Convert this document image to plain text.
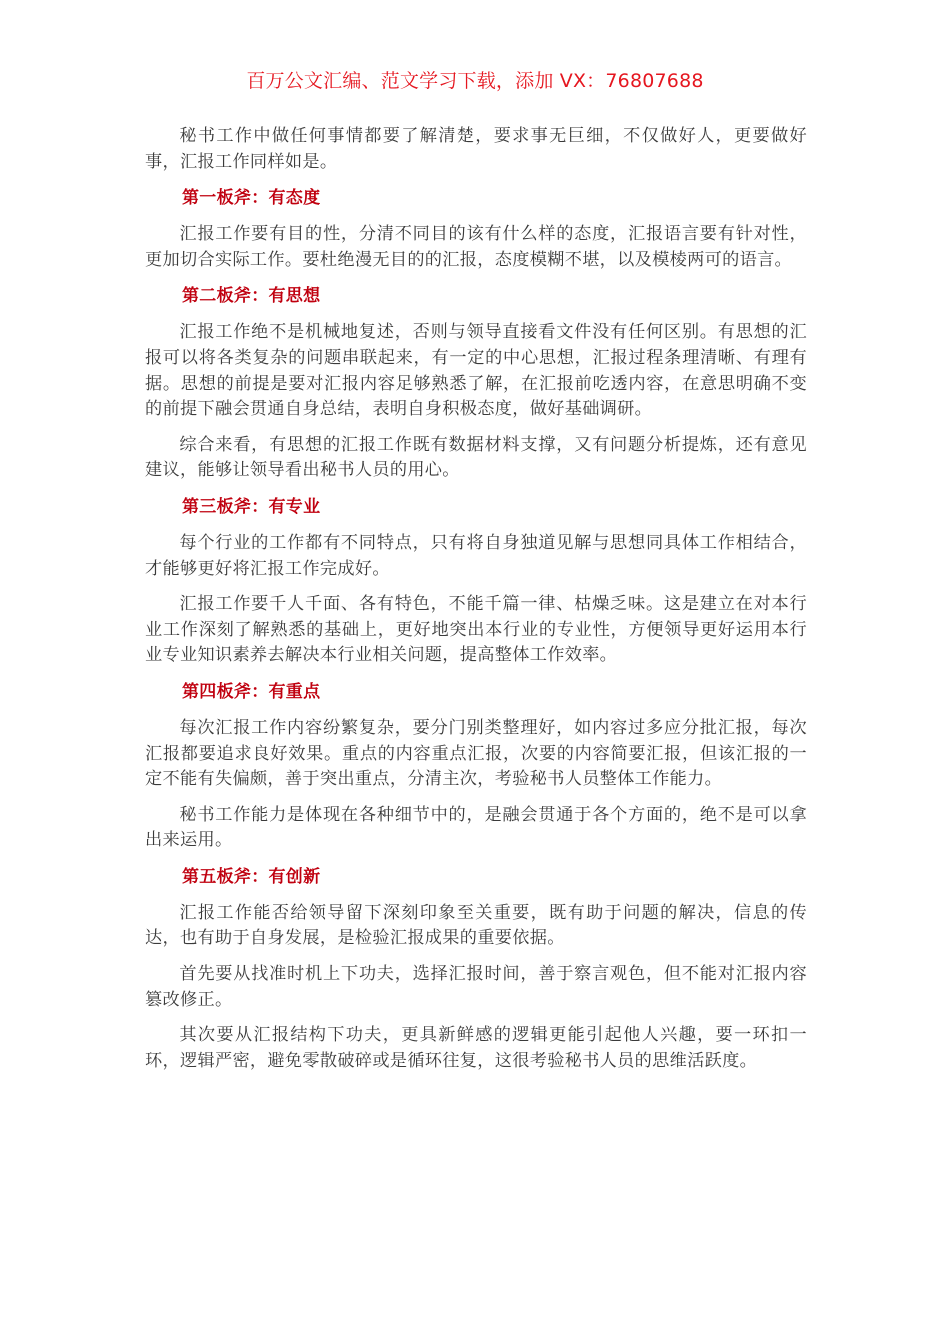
百万公文汇编、范文学习下载，添加 VX：76807688

秘书工作中做任何事情都要了解清楚，要求事无巨细，不仅做好人，更要做好事，汇报工作同样如是。

第一板斧：有态度

汇报工作要有目的性，分清不同目的该有什么样的态度，汇报语言要有针对性，更加切合实际工作。要杜绝漫无目的的汇报，态度模糊不堪，以及模棱两可的语言。

第二板斧：有思想

汇报工作绝不是机械地复述，否则与领导直接看文件没有任何区别。有思想的汇报可以将各类复杂的问题串联起来，有一定的中心思想，汇报过程条理清晰、有理有据。思想的前提是要对汇报内容足够熟悉了解，在汇报前吃透内容，在意思明确不变的前提下融会贯通自身总结，表明自身积极态度，做好基础调研。

综合来看，有思想的汇报工作既有数据材料支撑，又有问题分析提炼，还有意见建议，能够让领导看出秘书人员的用心。

第三板斧：有专业

每个行业的工作都有不同特点，只有将自身独道见解与思想同具体工作相结合，才能够更好将汇报工作完成好。

汇报工作要千人千面、各有特色，不能千篇一律、枯燥乏味。这是建立在对本行业工作深刻了解熟悉的基础上，更好地突出本行业的专业性，方便领导更好运用本行业专业知识素养去解决本行业相关问题，提高整体工作效率。

第四板斧：有重点

每次汇报工作内容纷繁复杂，要分门别类整理好，如内容过多应分批汇报，每次汇报都要追求良好效果。重点的内容重点汇报，次要的内容简要汇报，但该汇报的一定不能有失偏颇，善于突出重点，分清主次，考验秘书人员整体工作能力。

秘书工作能力是体现在各种细节中的，是融会贯通于各个方面的，绝不是可以拿出来运用。

第五板斧：有创新

汇报工作能否给领导留下深刻印象至关重要，既有助于问题的解决，信息的传达，也有助于自身发展，是检验汇报成果的重要依据。

首先要从找准时机上下功夫，选择汇报时间，善于察言观色，但不能对汇报内容篡改修正。

其次要从汇报结构下功夫，更具新鲜感的逻辑更能引起他人兴趣，要一环扣一环，逻辑严密，避免零散破碎或是循环往复，这很考验秘书人员的思维活跃度。
